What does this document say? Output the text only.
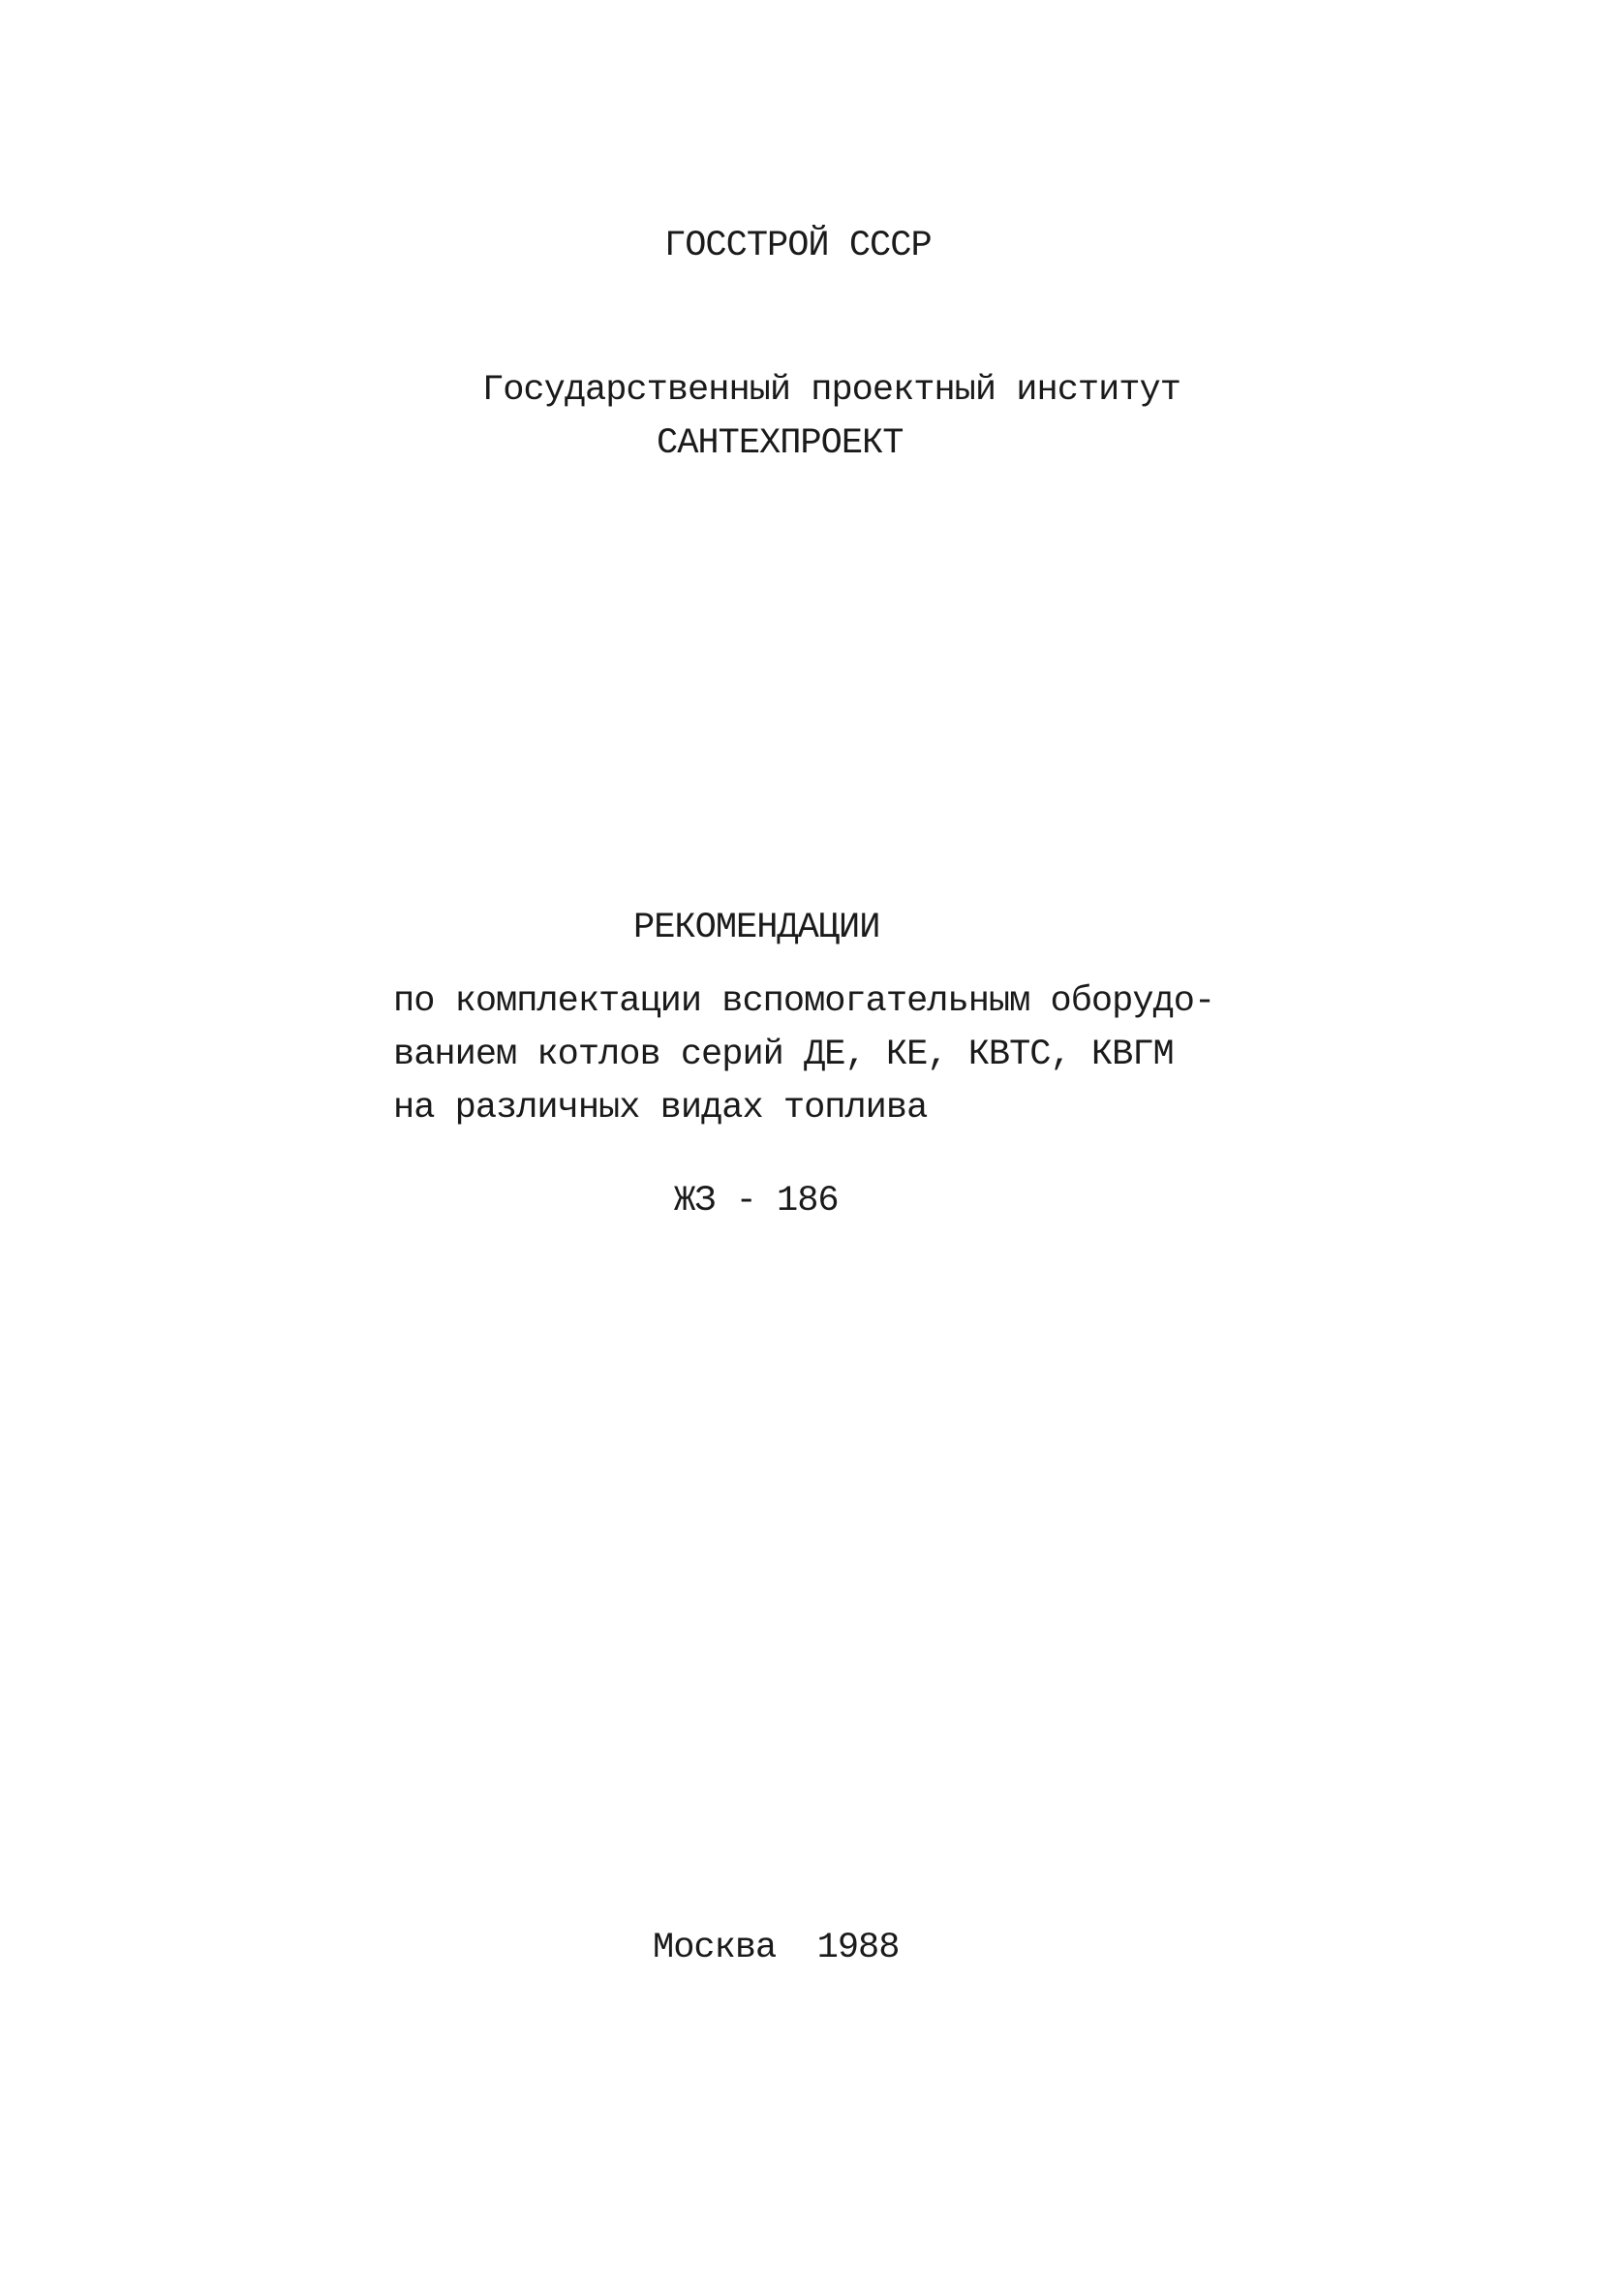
ГОССТРОЙ СССР
Государственный проектный институт
САНТЕХПРОЕКТ
РЕКОМЕНДАЦИИ
по комплектации вспомогательным оборудо-
ванием котлов серий ДЕ, КЕ, КВТС, КВГМ
на различных видах топлива
ЖЗ - 186
Москва  1988
